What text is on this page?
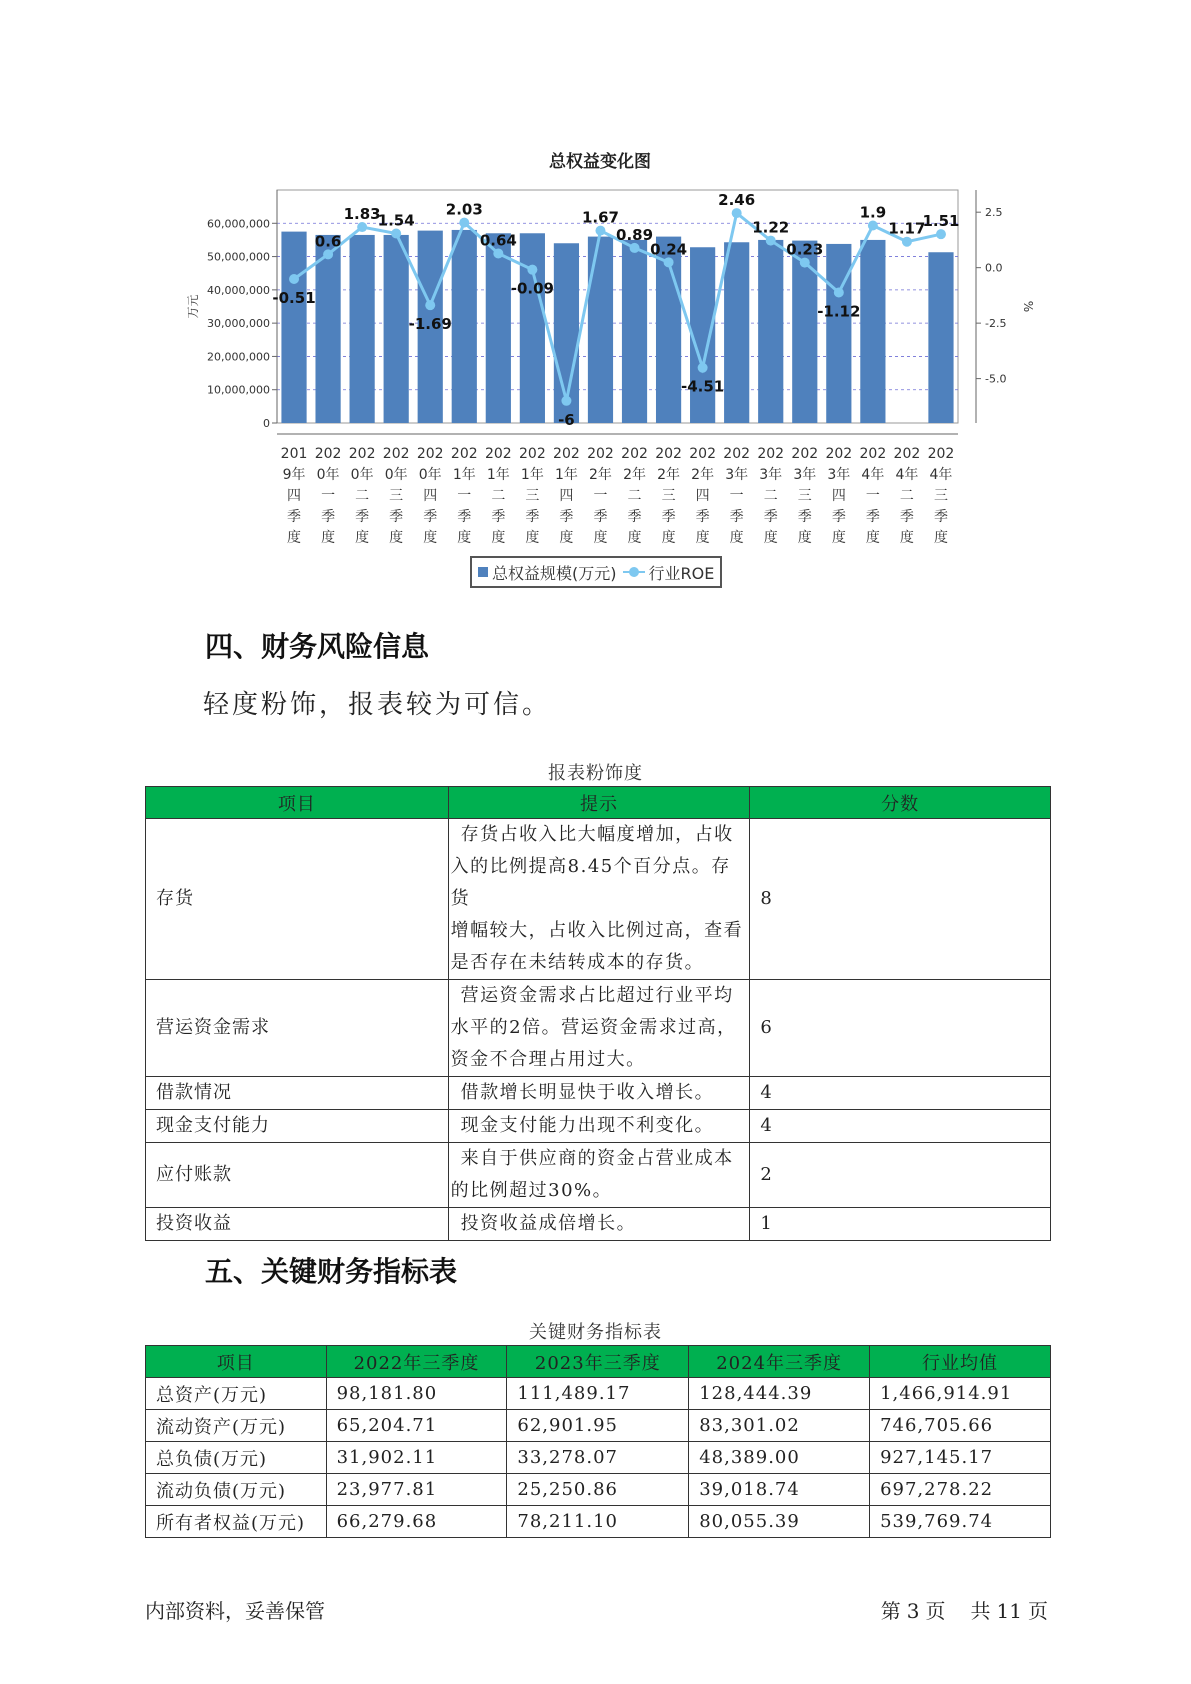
总权益变化图
60,000,000
50,000,000
40,000,000
30,000,000
20,000,000
10,000,000
0
万元
2.5
0.0
-2.5
-5.0
%
-0.51
0.6
1.83
1.54
-1.69
2.03
0.64
-0.09
-6
1.67
0.89
0.24
-4.51
2.46
1.22
0.23
-1.12
1.9
1.17
1.51
201
9年
四
季
度
202
0年
一
季
度
202
0年
二
季
度
202
0年
三
季
度
202
0年
四
季
度
202
1年
一
季
度
202
1年
二
季
度
202
1年
三
季
度
202
1年
四
季
度
202
2年
一
季
度
202
2年
二
季
度
202
2年
三
季
度
202
2年
四
季
度
202
3年
一
季
度
202
3年
二
季
度
202
3年
三
季
度
202
3年
四
季
度
202
4年
一
季
度
202
4年
二
季
度
202
4年
三
季
度
总权益规模(万元) 行业ROE
四、财务风险信息

轻度粉饰，报表较为可信。

报表粉饰度
项目	提示	分数
存货	存货占收入比大幅度增加，占收
入的比例提高8.45个百分点。存货
增幅较大，占收入比例过高，查看
是否存在未结转成本的存货。	8
营运资金需求	营运资金需求占比超过行业平均
水平的2倍。营运资金需求过高，
资金不合理占用过大。	6
借款情况	借款增长明显快于收入增长。	4
现金支付能力	现金支付能力出现不利变化。	4
应付账款	来自于供应商的资金占营业成本
的比例超过30%。	2
投资收益	投资收益成倍增长。	1
五、关键财务指标表
关键财务指标表
项目	2022年三季度	2023年三季度	2024年三季度	行业均值
总资产(万元)	98,181.80	111,489.17	128,444.39	1,466,914.91
流动资产(万元)	65,204.71	62,901.95	83,301.02	746,705.66
总负债(万元)	31,902.11	33,278.07	48,389.00	927,145.17
流动负债(万元)	23,977.81	25,250.86	39,018.74	697,278.22
所有者权益(万元)	66,279.68	78,211.10	80,055.39	539,769.74

内部资料，妥善保管	第 3 页 共 11 页
